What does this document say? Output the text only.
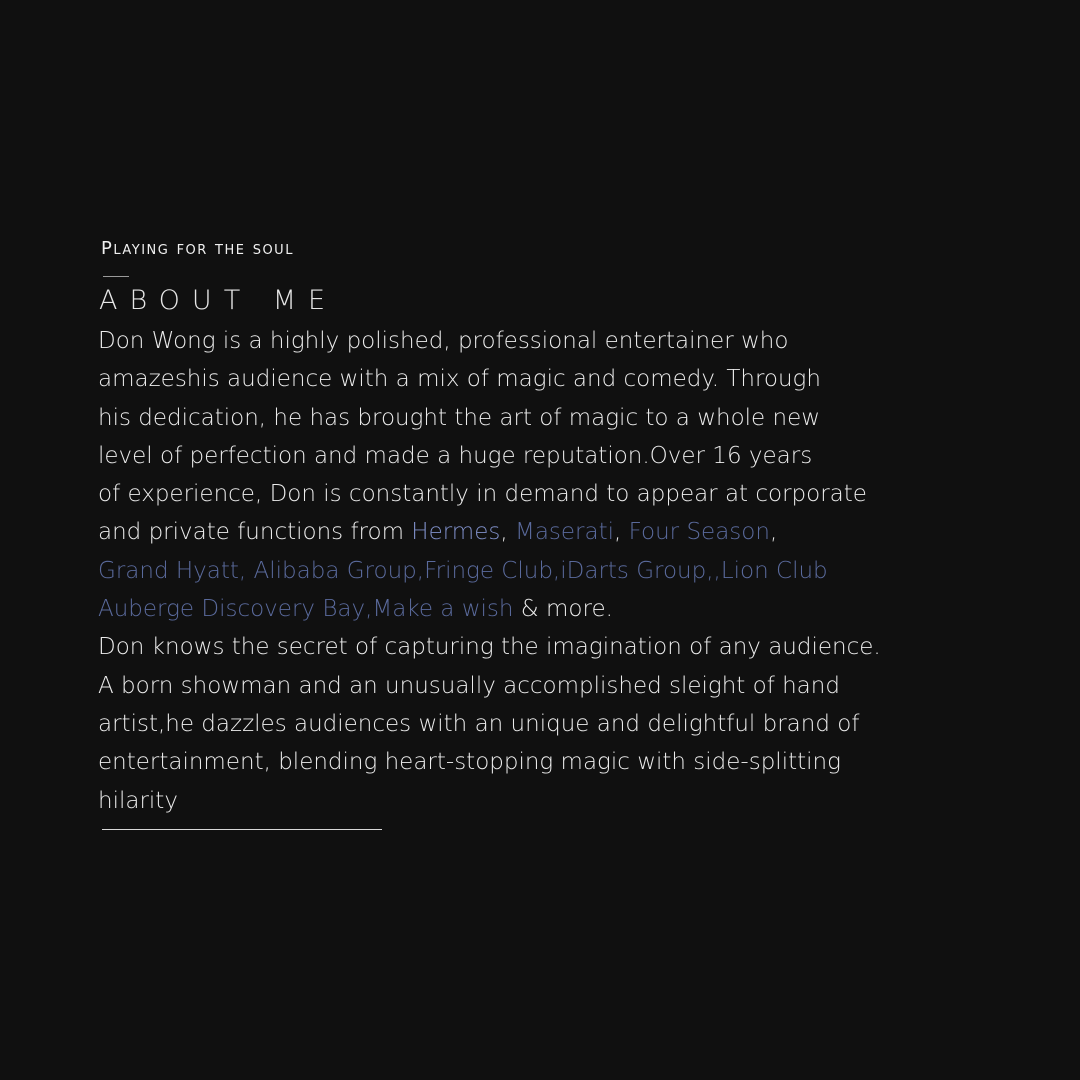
Playing for the soul
ABOUT ME
Don Wong is a highly polished, professional entertainer who
amazeshis audience with a mix of magic and comedy. Through
his dedication, he has brought the art of magic to a whole new
level of perfection and made a huge reputation.Over 16 years
of experience, Don is constantly in demand to appear at corporate
and private functions from Hermes, Maserati, Four Season,
Grand Hyatt, Alibaba Group,Fringe Club,iDarts Group,,Lion Club
Auberge Discovery Bay,Make a wish & more.
Don knows the secret of capturing the imagination of any audience.
A born showman and an unusually accomplished sleight of hand
artist,he dazzles audiences with an unique and delightful brand of
entertainment, blending heart-stopping magic with side-splitting
hilarity
